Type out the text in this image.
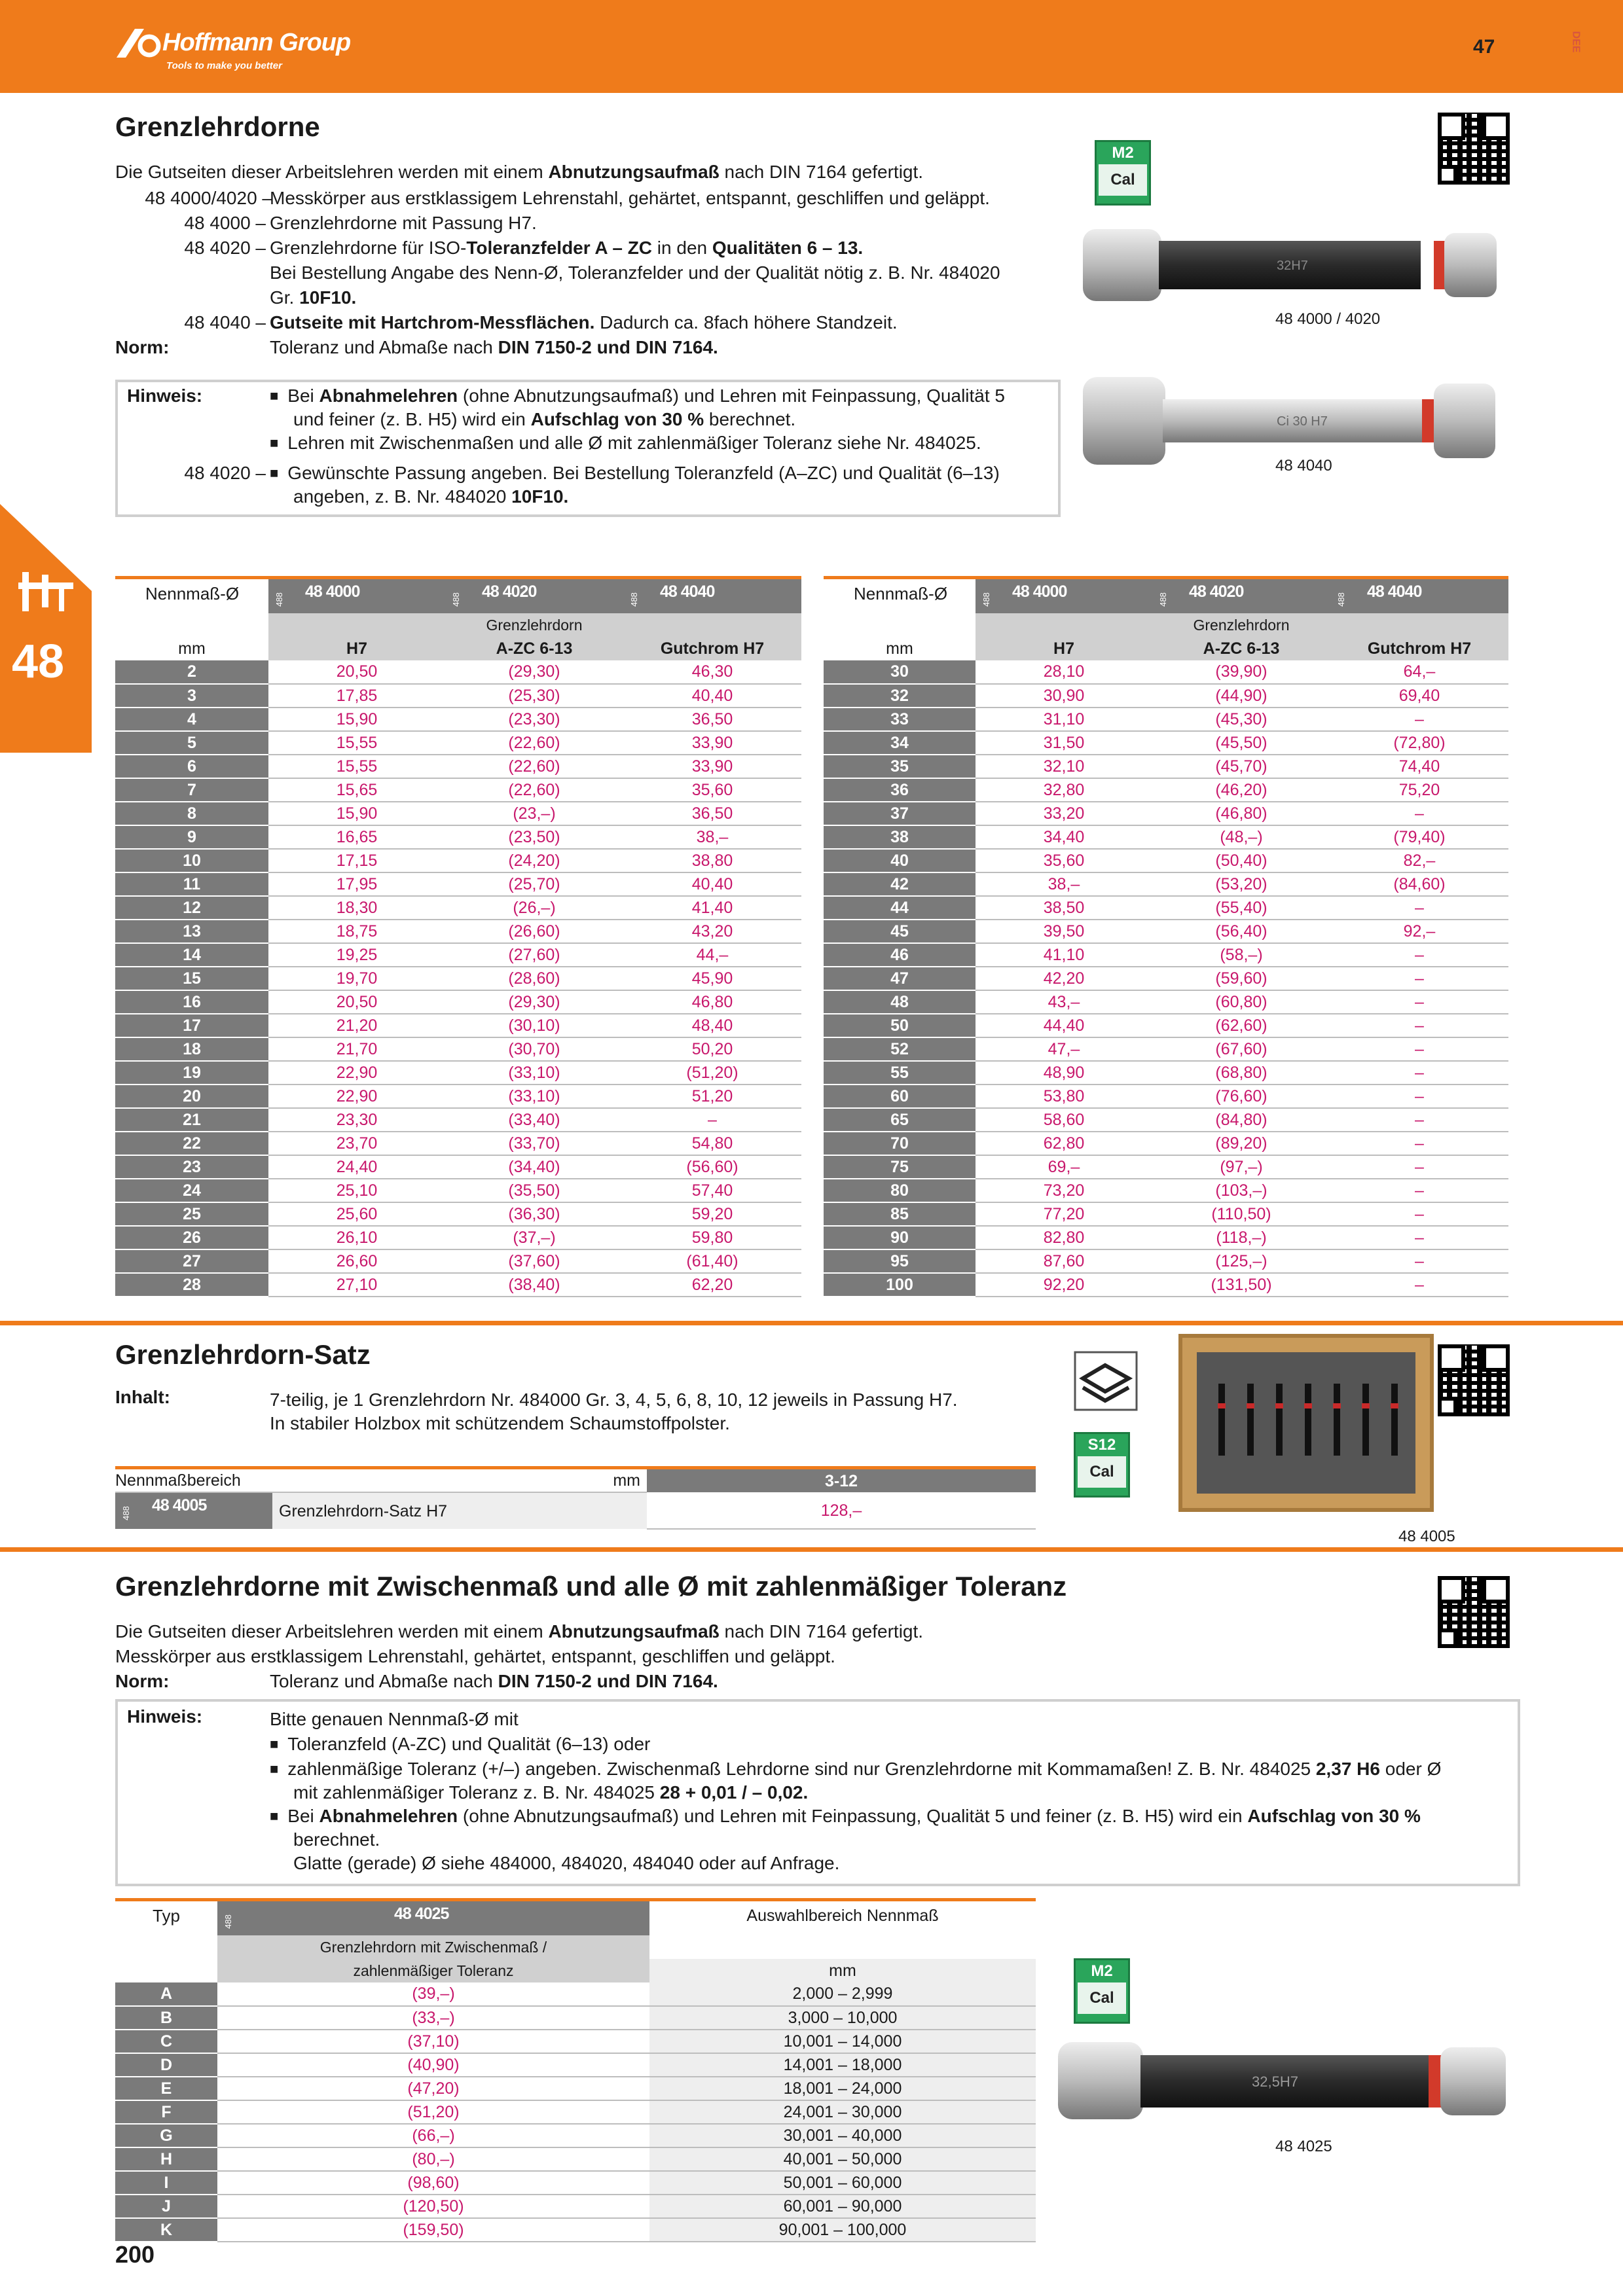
Hoffmann Group
Tools to make you better
47	DEE
48
Grenzlehrdorne
Die Gutseiten dieser Arbeitslehren werden mit einem Abnutzungsaufmaß nach DIN 7164 gefertigt.
48 4000/4020 –
Messkörper aus erstklassigem Lehrenstahl, gehärtet, entspannt, geschliffen und geläppt.
48 4000 – Grenzlehrdorne mit Passung H7.
48 4020 – Grenzlehrdorne für ISO-Toleranzfelder A – ZC in den Qualitäten 6 – 13.
Bei Bestellung Angabe des Nenn-Ø, Toleranzfelder und der Qualität nötig z. B. Nr. 484020
Gr. 10F10.
48 4040 – Gutseite mit Hartchrom-Messflächen. Dadurch ca. 8fach höhere Standzeit.
Norm:	Toleranz und Abmaße nach DIN 7150-2 und DIN 7164.
Hinweis:	■ Bei Abnahmelehren (ohne Abnutzungsaufmaß) und Lehren mit Feinpassung, Qualität 5
und feiner (z. B. H5) wird ein Aufschlag von 30 % berechnet.
■ Lehren mit Zwischenmaßen und alle Ø mit zahlenmäßiger Toleranz siehe Nr. 484025.
48 4020 –	■ Gewünschte Passung angeben. Bei Bestellung Toleranzfeld (A–ZC) und Qualität (6–13)
angeben, z. B. Nr. 484020 10F10.
M2
Cal
32H7
48 4000 / 4020
Ci 30 H7
48 4040
Nennmaß-Ø	488 48 4000	488 48 4020	488 48 4040

		Grenzlehrdorn	
mm	H7	A-ZC 6-13	Gutchrom H7
2	20,50	(29,30)	46,30
3	17,85	(25,30)	40,40
4	15,90	(23,30)	36,50
5	15,55	(22,60)	33,90
6	15,55	(22,60)	33,90
7	15,65	(22,60)	35,60
8	15,90	(23,–)	36,50
9	16,65	(23,50)	38,–
10	17,15	(24,20)	38,80
11	17,95	(25,70)	40,40
12	18,30	(26,–)	41,40
13	18,75	(26,60)	43,20
14	19,25	(27,60)	44,–
15	19,70	(28,60)	45,90
16	20,50	(29,30)	46,80
17	21,20	(30,10)	48,40
18	21,70	(30,70)	50,20
19	22,90	(33,10)	(51,20)
20	22,90	(33,10)	51,20
21	23,30	(33,40)	–
22	23,70	(33,70)	54,80
23	24,40	(34,40)	(56,60)
24	25,10	(35,50)	57,40
25	25,60	(36,30)	59,20
26	26,10	(37,–)	59,80
27	26,60	(37,60)	(61,40)
28	27,10	(38,40)	62,20
Nennmaß-Ø	488 48 4000	488 48 4020	488 48 4040

		Grenzlehrdorn	
mm	H7	A-ZC 6-13	Gutchrom H7
30	28,10	(39,90)	64,–
32	30,90	(44,90)	69,40
33	31,10	(45,30)	–
34	31,50	(45,50)	(72,80)
35	32,10	(45,70)	74,40
36	32,80	(46,20)	75,20
37	33,20	(46,80)	–
38	34,40	(48,–)	(79,40)
40	35,60	(50,40)	82,–
42	38,–	(53,20)	(84,60)
44	38,50	(55,40)	–
45	39,50	(56,40)	92,–
46	41,10	(58,–)	–
47	42,20	(59,60)	–
48	43,–	(60,80)	–
50	44,40	(62,60)	–
52	47,–	(67,60)	–
55	48,90	(68,80)	–
60	53,80	(76,60)	–
65	58,60	(84,80)	–
70	62,80	(89,20)	–
75	69,–	(97,–)	–
80	73,20	(103,–)	–
85	77,20	(110,50)	–
90	82,80	(118,–)	–
95	87,60	(125,–)	–
100	92,20	(131,50)	–
Grenzlehrdorn-Satz
Inhalt:	7-teilig, je 1 Grenzlehrdorn Nr. 484000 Gr. 3, 4, 5, 6, 8, 10, 12 jeweils in Passung H7.
In stabiler Holzbox mit schützendem Schaumstoffpolster.
Nennmaßbereich	mm	3-12

488 48 4005	Grenzlehrdorn-Satz H7	128,–
S12
Cal
48 4005
Grenzlehrdorne mit Zwischenmaß und alle Ø mit zahlenmäßiger Toleranz
Die Gutseiten dieser Arbeitslehren werden mit einem Abnutzungsaufmaß nach DIN 7164 gefertigt.
Messkörper aus erstklassigem Lehrenstahl, gehärtet, entspannt, geschliffen und geläppt.
Norm:	Toleranz und Abmaße nach DIN 7150-2 und DIN 7164.
Hinweis:	Bitte genauen Nennmaß-Ø mit
■ Toleranzfeld (A-ZC) und Qualität (6–13) oder
■ zahlenmäßige Toleranz (+/–) angeben. Zwischenmaß Lehrdorne sind nur Grenzlehrdorne mit Kommamaßen! Z. B. Nr. 484025 2,37 H6 oder Ø
mit zahlenmäßiger Toleranz z. B. Nr. 484025 28 + 0,01 / – 0,02.
■ Bei Abnahmelehren (ohne Abnutzungsaufmaß) und Lehren mit Feinpassung, Qualität 5 und feiner (z. B. H5) wird ein Aufschlag von 30 %
berechnet.
Glatte (gerade) Ø siehe 484000, 484020, 484040 oder auf Anfrage.
Typ	488 48 4025	Auswahlbereich Nennmaß
	Grenzlehrdorn mit Zwischenmaß /	
	zahlenmäßiger Toleranz	mm
A	(39,–)	2,000 – 2,999
B	(33,–)	3,000 – 10,000
C	(37,10)	10,001 – 14,000
D	(40,90)	14,001 – 18,000
E	(47,20)	18,001 – 24,000
F	(51,20)	24,001 – 30,000
G	(66,–)	30,001 – 40,000
H	(80,–)	40,001 – 50,000
I	(98,60)	50,001 – 60,000
J	(120,50)	60,001 – 90,000
K	(159,50)	90,001 – 100,000
M2
Cal
32,5H7
48 4025
200
